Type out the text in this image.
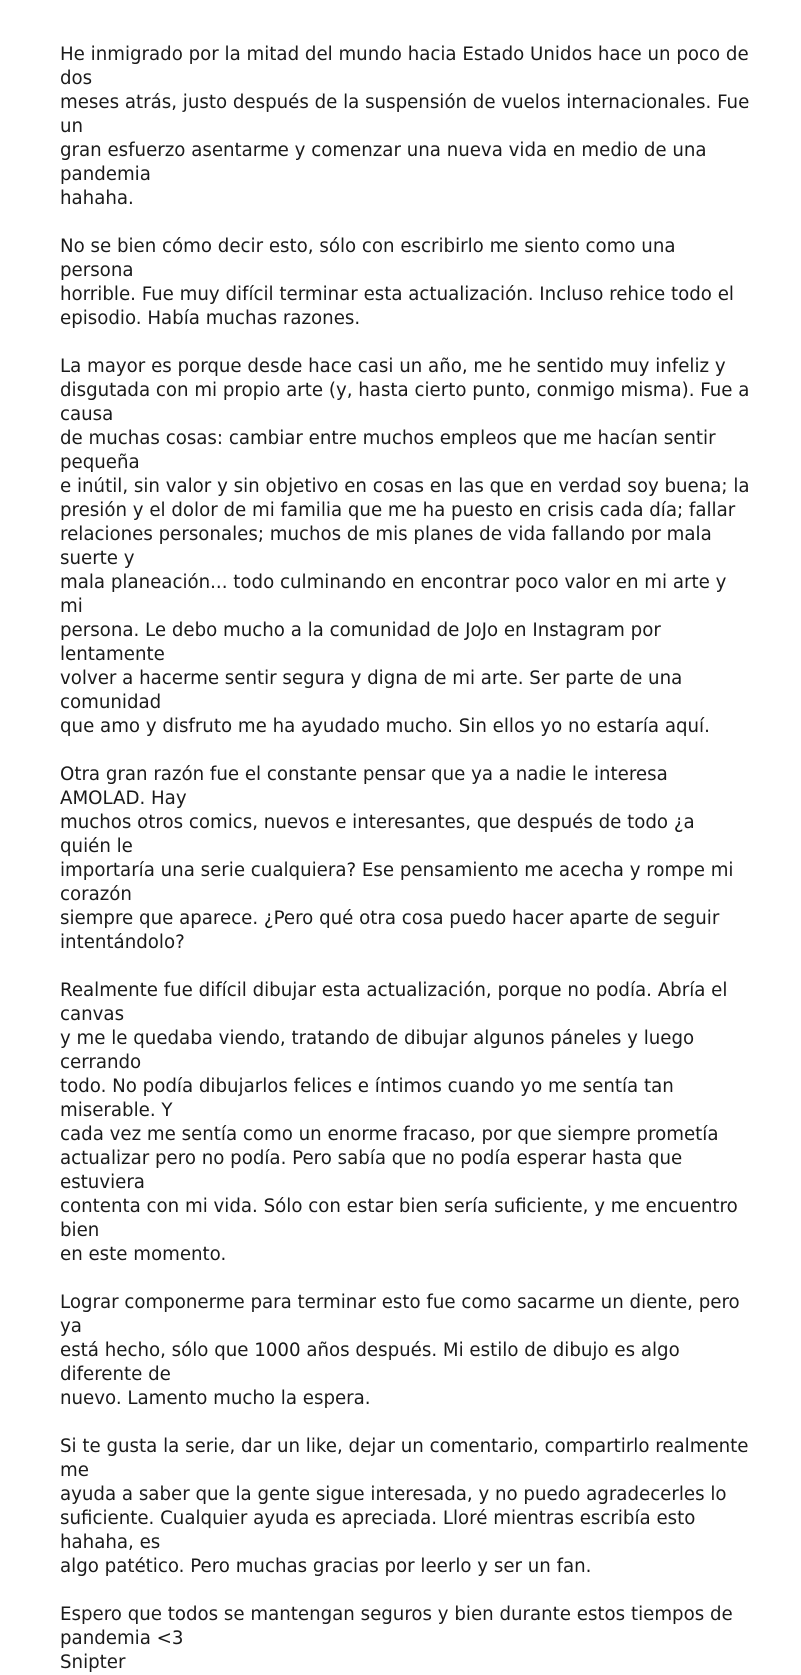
He inmigrado por la mitad del mundo hacia Estado Unidos hace un poco de dos
meses atrás, justo después de la suspensión de vuelos internacionales. Fue un
gran esfuerzo asentarme y comenzar una nueva vida en medio de una pandemia
hahaha.

No se bien cómo decir esto, sólo con escribirlo me siento como una persona
horrible. Fue muy difícil terminar esta actualización. Incluso rehice todo el
episodio. Había muchas razones.

La mayor es porque desde hace casi un año, me he sentido muy infeliz y
disgutada con mi propio arte (y, hasta cierto punto, conmigo misma). Fue a causa
de muchas cosas: cambiar entre muchos empleos que me hacían sentir pequeña
e inútil, sin valor y sin objetivo en cosas en las que en verdad soy buena; la
presión y el dolor de mi familia que me ha puesto en crisis cada día; fallar
relaciones personales; muchos de mis planes de vida fallando por mala suerte y
mala planeación... todo culminando en encontrar poco valor en mi arte y mi
persona. Le debo mucho a la comunidad de JoJo en Instagram por lentamente
volver a hacerme sentir segura y digna de mi arte. Ser parte de una comunidad
que amo y disfruto me ha ayudado mucho. Sin ellos yo no estaría aquí.

Otra gran razón fue el constante pensar que ya a nadie le interesa AMOLAD. Hay
muchos otros comics, nuevos e interesantes, que después de todo ¿a quién le
importaría una serie cualquiera? Ese pensamiento me acecha y rompe mi corazón
siempre que aparece. ¿Pero qué otra cosa puedo hacer aparte de seguir
intentándolo?

Realmente fue difícil dibujar esta actualización, porque no podía. Abría el canvas
y me le quedaba viendo, tratando de dibujar algunos páneles y luego cerrando
todo. No podía dibujarlos felices e íntimos cuando yo me sentía tan miserable. Y
cada vez me sentía como un enorme fracaso, por que siempre prometía
actualizar pero no podía. Pero sabía que no podía esperar hasta que estuviera
contenta con mi vida. Sólo con estar bien sería suficiente, y me encuentro bien
en este momento.

Lograr componerme para terminar esto fue como sacarme un diente, pero ya
está hecho, sólo que 1000 años después. Mi estilo de dibujo es algo diferente de
nuevo. Lamento mucho la espera.

Si te gusta la serie, dar un like, dejar un comentario, compartirlo realmente me
ayuda a saber que la gente sigue interesada, y no puedo agradecerles lo
suficiente. Cualquier ayuda es apreciada. Lloré mientras escribía esto hahaha, es
algo patético. Pero muchas gracias por leerlo y ser un fan.

Espero que todos se mantengan seguros y bien durante estos tiempos de
pandemia <3

Snipter
